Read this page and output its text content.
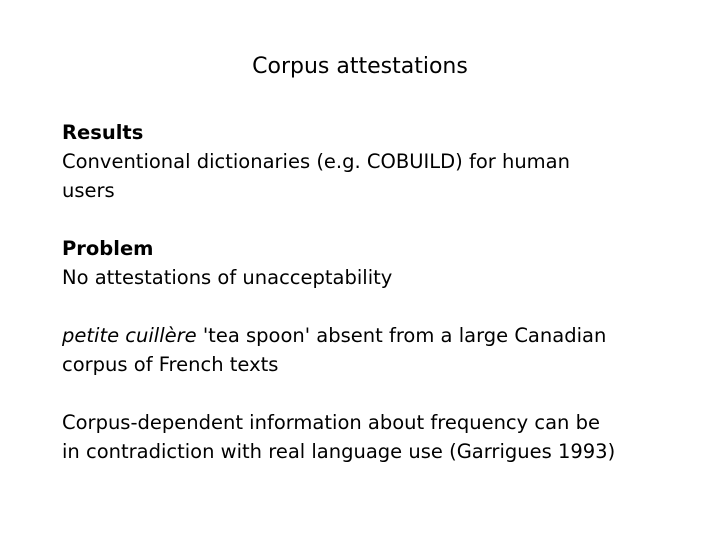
Corpus attestations
Results
Conventional dictionaries (e.g. COBUILD) for human
users
Problem
No attestations of unacceptability
petite cuillère 'tea spoon' absent from a large Canadian
corpus of French texts
Corpus-dependent information about frequency can be
in contradiction with real language use (Garrigues 1993)
